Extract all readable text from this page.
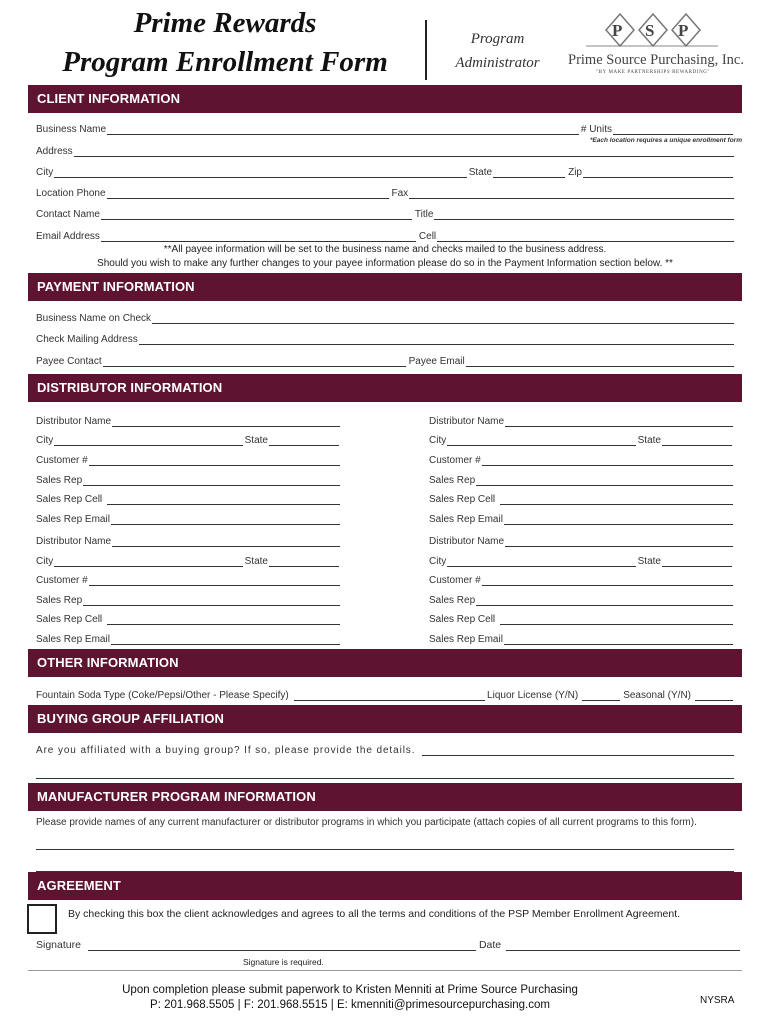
Prime Rewards
Program Enrollment Form
Program
Administrator
P S P
Prime Source Purchasing, Inc.
"BY MAKE PARTNERSHIPS REWARDING"
CLIENT INFORMATION
Business Name	# Units
*Each location requires a unique enrollment form
Address
City	State	Zip
Location Phone	Fax
Contact Name	Title
Email Address	Cell
**All payee information will be set to the business name and checks mailed to the business address.
Should you wish to make any further changes to your payee information please do so in the Payment Information section below. **
PAYMENT INFORMATION
Business Name on Check
Check Mailing Address
Payee Contact	Payee Email
DISTRIBUTOR INFORMATION
Distributor Name
City	State
Customer #
Sales Rep
Sales Rep Cell
Sales Rep Email
Distributor Name
City	State
Customer #
Sales Rep
Sales Rep Cell
Sales Rep Email
Distributor Name
City	State
Customer #
Sales Rep
Sales Rep Cell
Sales Rep Email
Distributor Name
City	State
Customer #
Sales Rep
Sales Rep Cell
Sales Rep Email
OTHER INFORMATION
Fountain Soda Type (Coke/Pepsi/Other - Please Specify)	Liquor License (Y/N)	Seasonal (Y/N)
BUYING GROUP AFFILIATION
Are you affiliated with a buying group? If so, please provide the details.
MANUFACTURER PROGRAM INFORMATION
Please provide names of any current manufacturer or distributor programs in which you participate (attach copies of all current programs to this form).
AGREEMENT
By checking this box the client acknowledges and agrees to all the terms and conditions of the PSP Member Enrollment Agreement.
Signature	Date
Signature is required.
Upon completion please submit paperwork to Kristen Menniti at Prime Source Purchasing
P: 201.968.5505 | F: 201.968.5515 | E: kmenniti@primesourcepurchasing.com	NYSRA
